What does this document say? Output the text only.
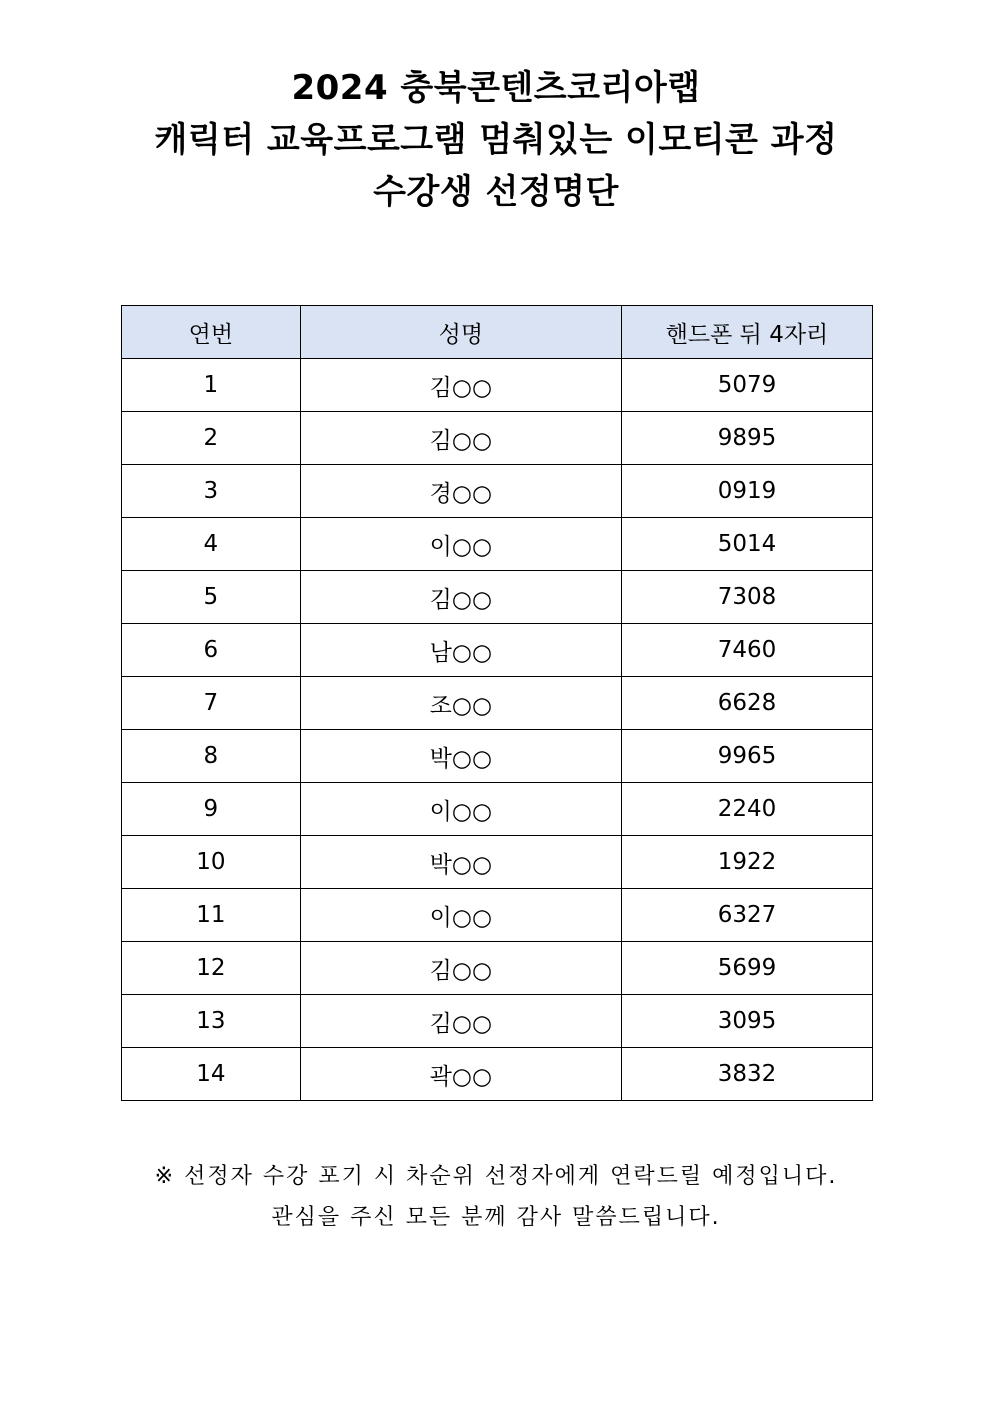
2024 충북콘텐츠코리아랩
캐릭터 교육프로그램 멈춰있는 이모티콘 과정
수강생 선정명단
연번	성명	핸드폰 뒤 4자리
1	김○○	5079
2	김○○	9895
3	경○○	0919
4	이○○	5014
5	김○○	7308
6	남○○	7460
7	조○○	6628
8	박○○	9965
9	이○○	2240
10	박○○	1922
11	이○○	6327
12	김○○	5699
13	김○○	3095
14	곽○○	3832
※ 선정자 수강 포기 시 차순위 선정자에게 연락드릴 예정입니다.
관심을 주신 모든 분께 감사 말씀드립니다.
